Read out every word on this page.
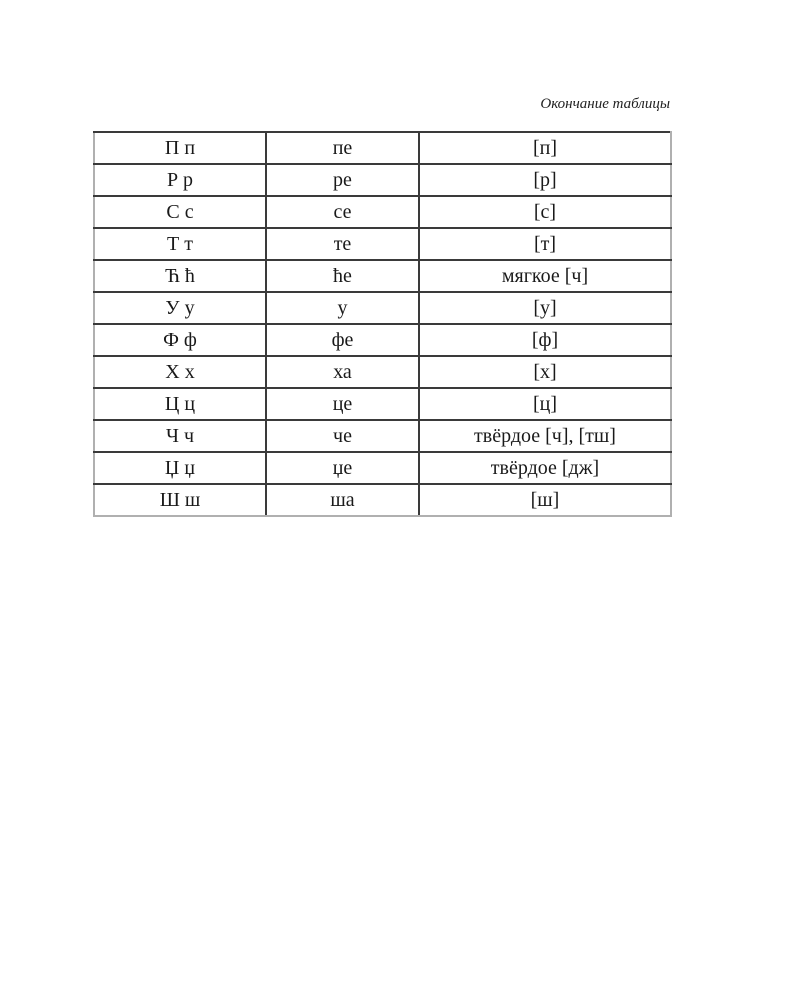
Окончание таблицы
П п	пе	[п]
Р р	ре	[р]
С с	се	[с]
Т т	те	[т]
Ћ ћ	ће	мягкое [ч]
У у	у	[у]
Ф ф	фе	[ф]
Х х	ха	[х]
Ц ц	це	[ц]
Ч ч	че	твёрдое [ч], [тш]
Џ џ	џе	твёрдое [дж]
Ш ш	ша	[ш]
